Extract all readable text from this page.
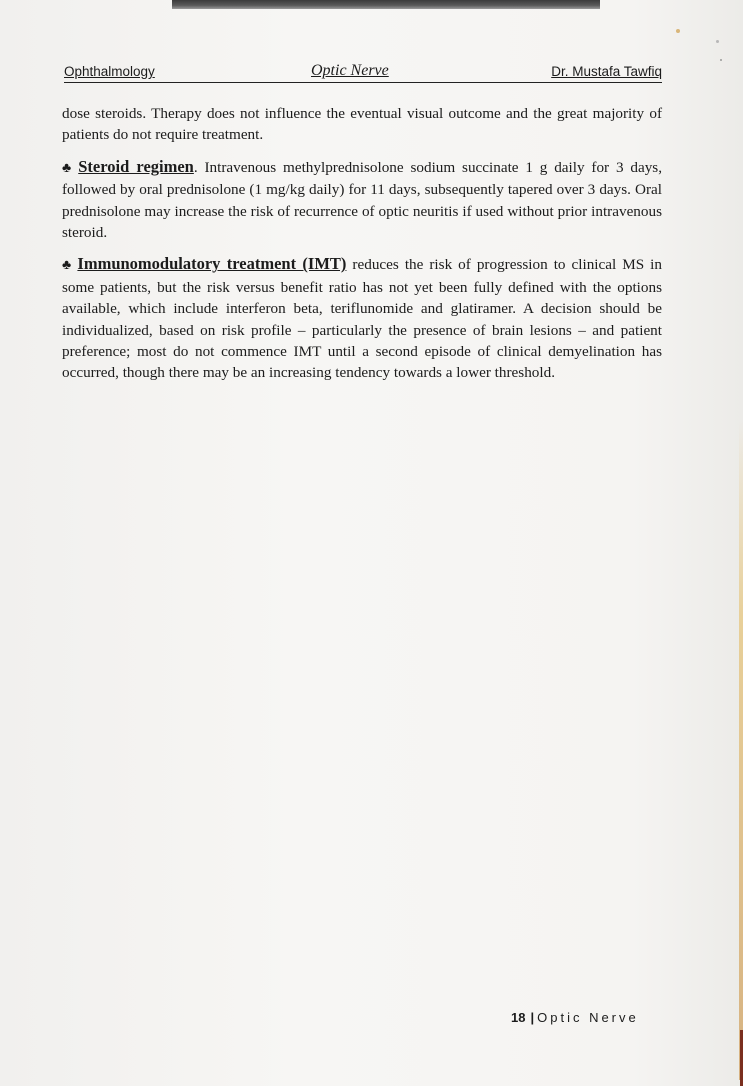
Ophthalmology	Optic Nerve	Dr. Mustafa Tawfiq

dose steroids. Therapy does not influence the eventual visual outcome and the great majority of patients do not require treatment.

♣ Steroid regimen. Intravenous methylprednisolone sodium succinate 1 g daily for 3 days, followed by oral prednisolone (1 mg/kg daily) for 11 days, subsequently tapered over 3 days. Oral prednisolone may increase the risk of recurrence of optic neuritis if used without prior intravenous steroid.

♣ Immunomodulatory treatment (IMT) reduces the risk of progression to clinical MS in some patients, but the risk versus benefit ratio has not yet been fully defined with the options available, which include interferon beta, teriflunomide and glatiramer. A decision should be individualized, based on risk profile – particularly the presence of brain lesions – and patient preference; most do not commence IMT until a second episode of clinical demyelination has occurred, though there may be an increasing tendency towards a lower threshold.

18 | Optic Nerve
